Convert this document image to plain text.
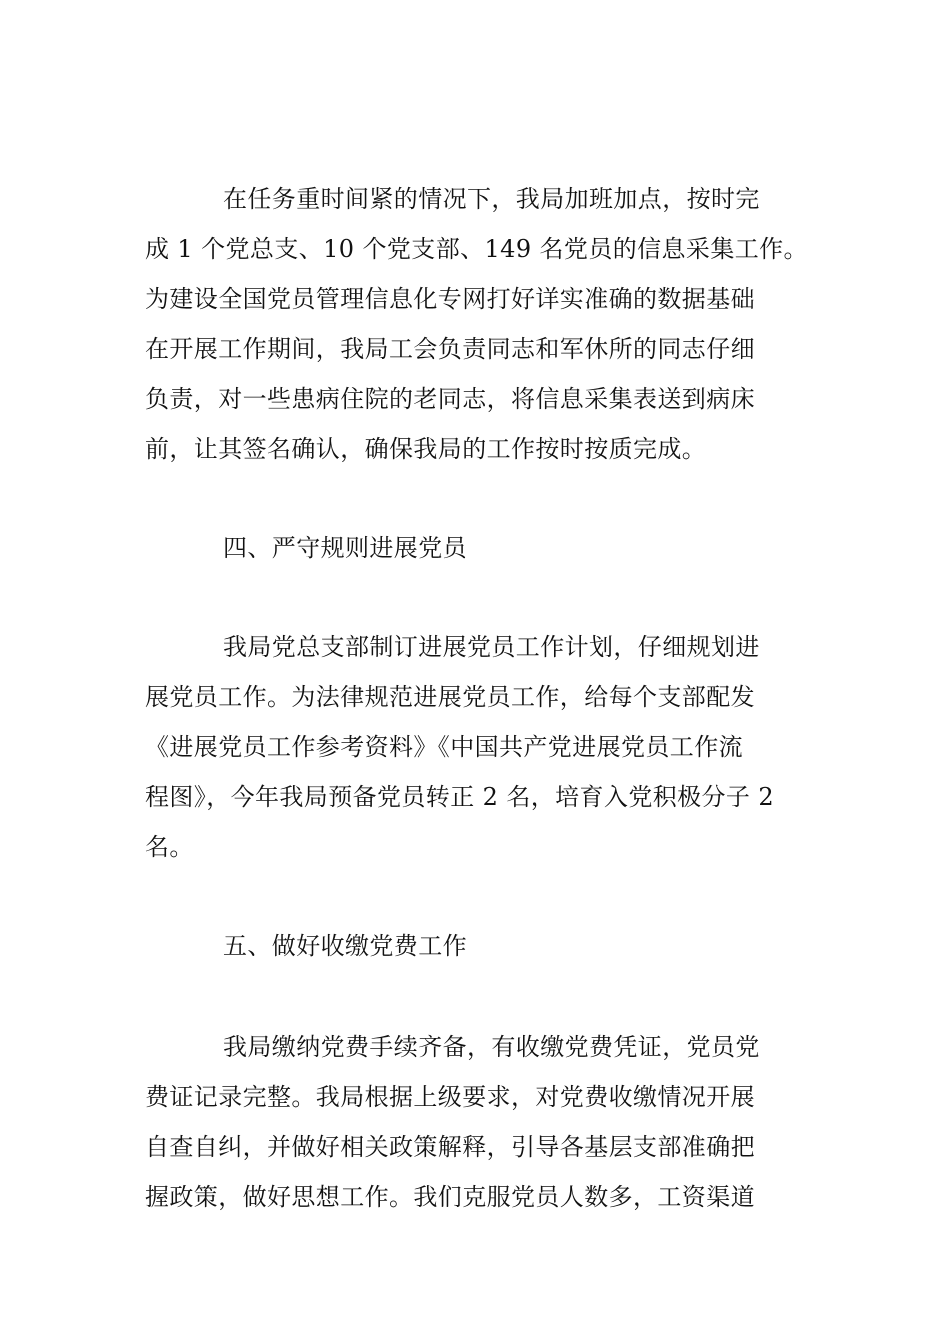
在任务重时间紧的情况下，我局加班加点，按时完
成 1 个党总支、10 个党支部、149 名党员的信息采集工作。
为建设全国党员管理信息化专网打好详实准确的数据基础
在开展工作期间，我局工会负责同志和军休所的同志仔细
负责，对一些患病住院的老同志，将信息采集表送到病床
前，让其签名确认，确保我局的工作按时按质完成。

四、严守规则进展党员

我局党总支部制订进展党员工作计划，仔细规划进
展党员工作。为法律规范进展党员工作，给每个支部配发
《进展党员工作参考资料》《中国共产党进展党员工作流
程图》，今年我局预备党员转正 2 名，培育入党积极分子 2
名。

五、做好收缴党费工作

我局缴纳党费手续齐备，有收缴党费凭证，党员党
费证记录完整。我局根据上级要求，对党费收缴情况开展
自查自纠，并做好相关政策解释，引导各基层支部准确把
握政策，做好思想工作。我们克服党员人数多，工资渠道
